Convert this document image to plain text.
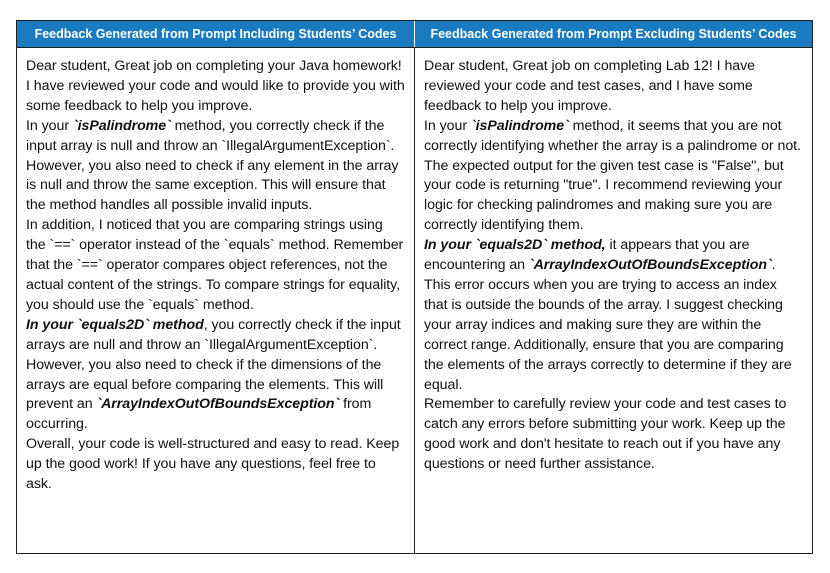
Feedback Generated from Prompt Including Students’ Codes	Feedback Generated from Prompt Excluding Students’ Codes

Dear student, Great job on completing your Java homework! I have reviewed your code and would like to provide you with some feedback to help you improve.

In your `isPalindrome` method, you correctly check if the input array is null and throw an `IllegalArgumentException`. However, you also need to check if any element in the array is null and throw the same exception. This will ensure that the method handles all possible invalid inputs.

In addition, I noticed that you are comparing strings using the `==` operator instead of the `equals` method. Remember that the `==` operator compares object references, not the actual content of the strings. To compare strings for equality, you should use the `equals` method.

In your `equals2D` method, you correctly check if the input arrays are null and throw an `IllegalArgumentException`. However, you also need to check if the dimensions of the arrays are equal before comparing the elements. This will prevent an `ArrayIndexOutOfBoundsException` from occurring.

Overall, your code is well-structured and easy to read. Keep up the good work! If you have any questions, feel free to ask.

Dear student, Great job on completing Lab 12! I have reviewed your code and test cases, and I have some feedback to help you improve.

In your `isPalindrome` method, it seems that you are not correctly identifying whether the array is a palindrome or not. The expected output for the given test case is "False", but your code is returning "true". I recommend reviewing your logic for checking palindromes and making sure you are correctly identifying them.

In your `equals2D` method, it appears that you are encountering an `ArrayIndexOutOfBoundsException`. This error occurs when you are trying to access an index that is outside the bounds of the array. I suggest checking your array indices and making sure they are within the correct range. Additionally, ensure that you are comparing the elements of the arrays correctly to determine if they are equal.

Remember to carefully review your code and test cases to catch any errors before submitting your work. Keep up the good work and don't hesitate to reach out if you have any questions or need further assistance.
